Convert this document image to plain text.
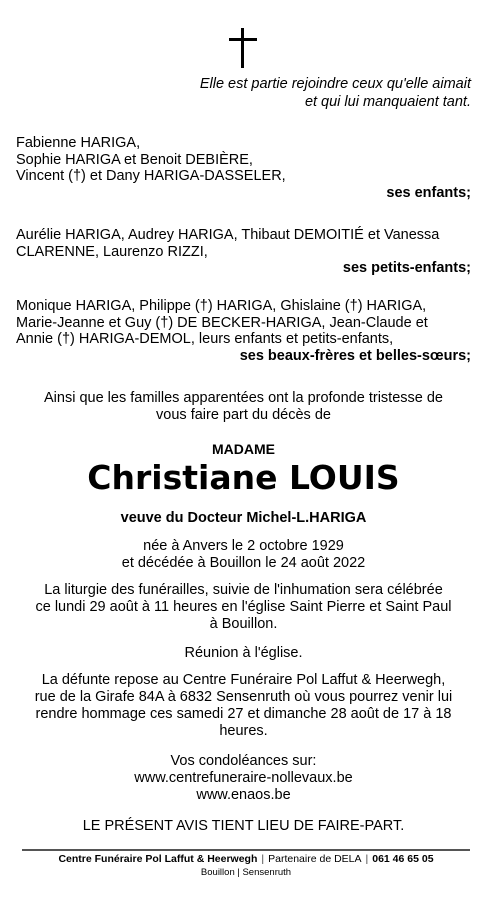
Elle est partie rejoindre ceux qu'elle aimait
et qui lui manquaient tant.
Fabienne HARIGA,
Sophie HARIGA et Benoit DEBIÈRE,
Vincent (†) et Dany HARIGA-DASSELER,
ses enfants;
Aurélie HARIGA, Audrey HARIGA, Thibaut DEMOITIÉ et Vanessa
CLARENNE, Laurenzo RIZZI,
ses petits-enfants;
Monique HARIGA, Philippe (†) HARIGA, Ghislaine (†) HARIGA,
Marie-Jeanne et Guy (†) DE BECKER-HARIGA, Jean-Claude et
Annie (†) HARIGA-DEMOL, leurs enfants et petits-enfants,
ses beaux-frères et belles-sœurs;
Ainsi que les familles apparentées ont la profonde tristesse de
vous faire part du décès de
MADAME
Christiane LOUIS
veuve du Docteur Michel-L.HARIGA
née à Anvers le 2 octobre 1929
et décédée à Bouillon le 24 août 2022
La liturgie des funérailles, suivie de l'inhumation sera célébrée
ce lundi 29 août à 11 heures en l'église Saint Pierre et Saint Paul
à Bouillon.
Réunion à l'église.
La défunte repose au Centre Funéraire Pol Laffut & Heerwegh,
rue de la Girafe 84A à 6832 Sensenruth où vous pourrez venir lui
rendre hommage ces samedi 27 et dimanche 28 août de 17 à 18
heures.
Vos condoléances sur:
www.centrefuneraire-nollevaux.be
www.enaos.be
LE PRÉSENT AVIS TIENT LIEU DE FAIRE-PART.
Centre Funéraire Pol Laffut & Heerwegh | Partenaire de DELA | 061 46 65 05
Bouillon | Sensenruth
